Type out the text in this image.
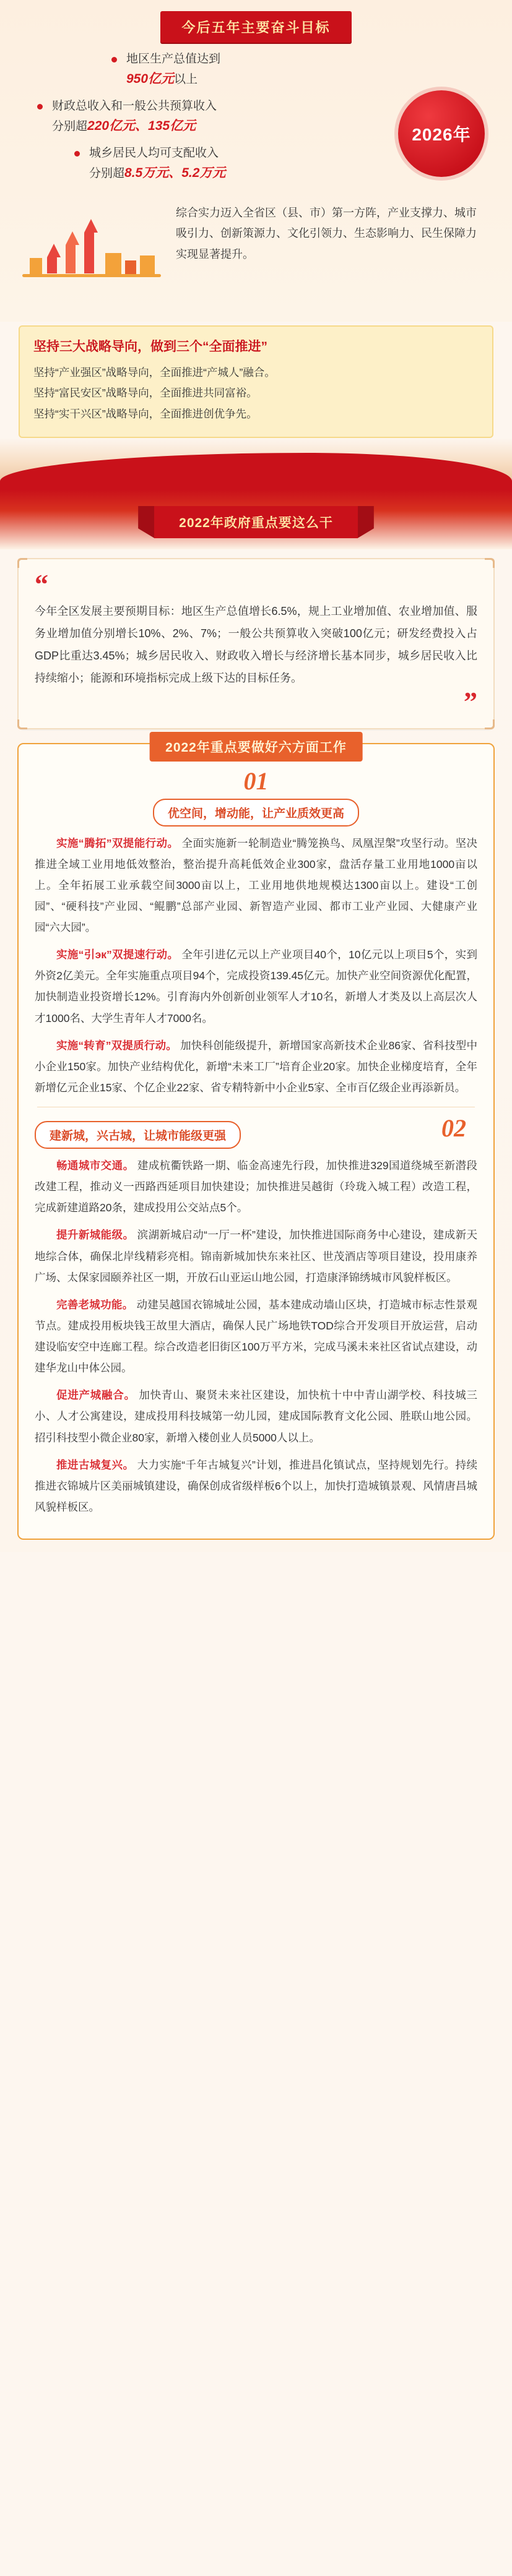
今后五年主要奋斗目标
2026年
地区生产总值达到
950亿元以上
财政总收入和一般公共预算收入
分别超220亿元、135亿元
城乡居民人均可支配收入
分别超8.5万元、5.2万元
综合实力迈入全省区（县、市）第一方阵，产业支撑力、城市吸引力、创新策源力、文化引领力、生态影响力、民生保障力实现显著提升。
坚持三大战略导向，做到三个“全面推进”

坚持“产业强区”战略导向，全面推进“产城人”融合。

坚持“富民安区”战略导向，全面推进共同富裕。

坚持“实干兴区”战略导向，全面推进创优争先。

2022年政府重点要这么干
“

今年全区发展主要预期目标：地区生产总值增长6.5%，规上工业增加值、农业增加值、服务业增加值分别增长10%、2%、7%；一般公共预算收入突破100亿元；研发经费投入占GDP比重达3.45%；城乡居民收入、财政收入增长与经济增长基本同步，城乡居民收入比持续缩小；能源和环境指标完成上级下达的目标任务。

”
2022年重点要做好六方面工作
01
优空间，增动能，让产业质效更高

实施“腾拓”双提能行动。 全面实施新一轮制造业“腾笼换鸟、凤凰涅槃”攻坚行动。坚决推进全域工业用地低效整治，整治提升高耗低效企业300家，盘活存量工业用地1000亩以上。全年拓展工业承载空间3000亩以上，工业用地供地规模达1300亩以上。建设“工创园”、“硬科技”产业园、“鲲鹏”总部产业园、新智造产业园、都市工业产业园、大健康产业园“六大园”。

实施“引эк”双提速行动。 全年引进亿元以上产业项目40个，10亿元以上项目5个，实到外资2亿美元。全年实施重点项目94个，完成投资139.45亿元。加快产业空间资源优化配置，加快制造业投资增长12%。引育海内外创新创业领军人才10名，新增人才类及以上高层次人才1000名、大学生青年人才7000名。

实施“转育”双提质行动。 加快科创能级提升，新增国家高新技术企业86家、省科技型中小企业150家。加快产业结构优化，新增“未来工厂”培育企业20家。加快企业梯度培育，全年新增亿元企业15家、个亿企业22家、省专精特新中小企业5家、全市百亿级企业再添新员。

建新城，兴古城，让城市能级更强	02

畅通城市交通。 建成杭衢铁路一期、临金高速先行段，加快推进329国道绕城至新潜段改建工程，推动义一西路西延项目加快建设；加快推进吴越街（玲珑入城工程）改造工程，完成新建道路20条，建成投用公交站点5个。

提升新城能级。 滨湖新城启动“一厅一杯”建设，加快推进国际商务中心建设，建成新天地综合体，确保北岸线精彩亮相。锦南新城加快东来社区、世茂酒店等项目建设，投用康养广场、太保家园颐养社区一期，开放石山亚运山地公园，打造康泽锦绣城市风貌样板区。

完善老城功能。 动建吴越国衣锦城址公园，基本建成动墙山区块，打造城市标志性景观节点。建成投用板块钱王故里大酒店，确保人民广场地铁TOD综合开发项目开放运营，启动建设临安空中连廊工程。综合改造老旧街区100万平方米，完成马溪未来社区省试点建设，动建华龙山中体公园。

促进产城融合。 加快青山、聚贤未来社区建设，加快杭十中中青山湖学校、科技城三小、人才公寓建设，建成投用科技城第一幼儿园，建成国际教育文化公园、胜联山地公园。招引科技型小微企业80家，新增入楼创业人员5000人以上。

推进古城复兴。 大力实施“千年古城复兴”计划，推进昌化镇试点，坚持规划先行。持续推进衣锦城片区美丽城镇建设，确保创成省级样板6个以上，加快打造城镇景观、风情唐昌城风貌样板区。
